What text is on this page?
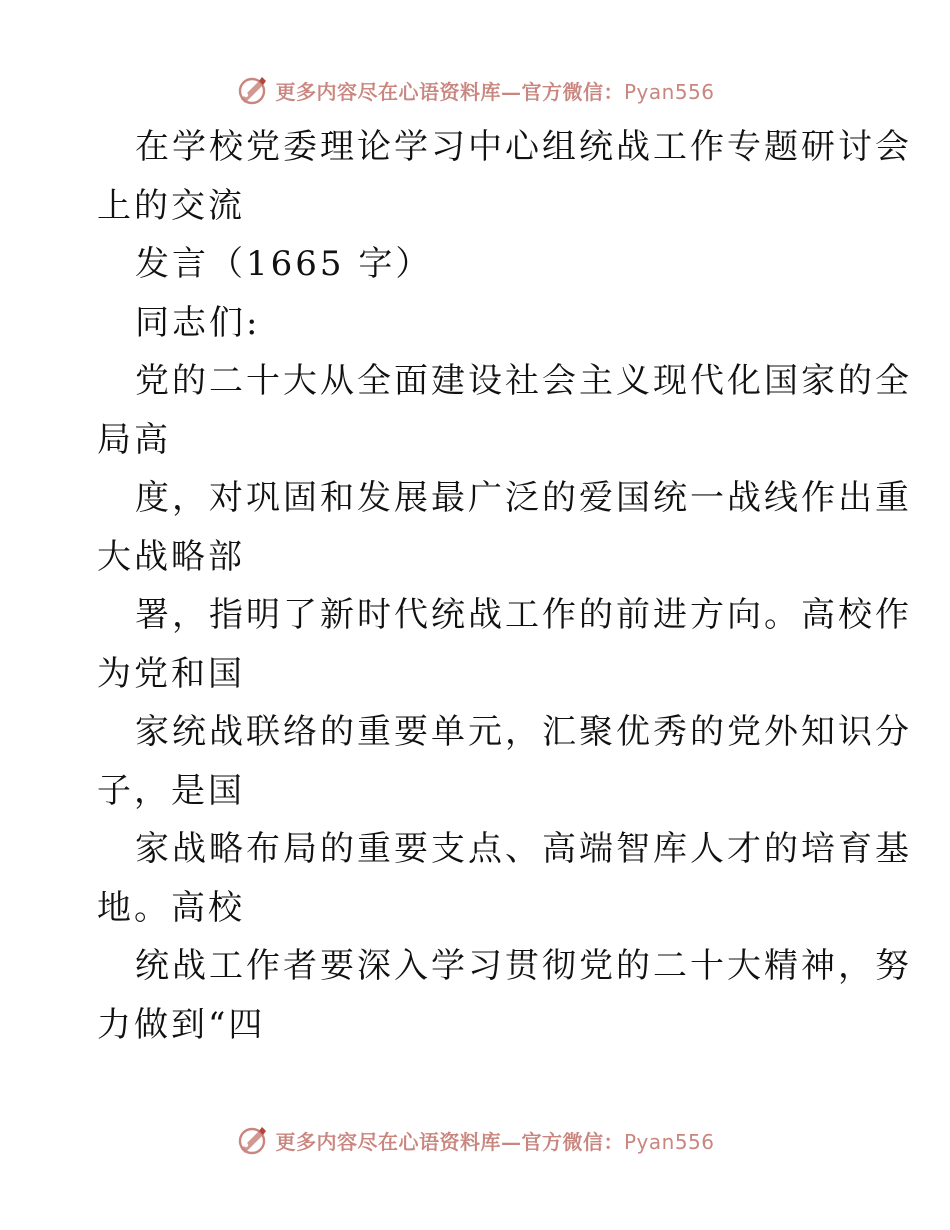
更多内容尽在心语资料库—官方微信：Pyan556
在学校党委理论学习中心组统战工作专题研讨会
上的交流
发言（1665 字）
同志们:
党的二十大从全面建设社会主义现代化国家的全
局高
度，对巩固和发展最广泛的爱国统一战线作出重
大战略部
署，指明了新时代统战工作的前进方向。高校作
为党和国
家统战联络的重要单元，汇聚优秀的党外知识分
子，是国
家战略布局的重要支点、高端智库人才的培育基
地。高校
统战工作者要深入学习贯彻党的二十大精神，努
力做到“四
更多内容尽在心语资料库—官方微信：Pyan556
